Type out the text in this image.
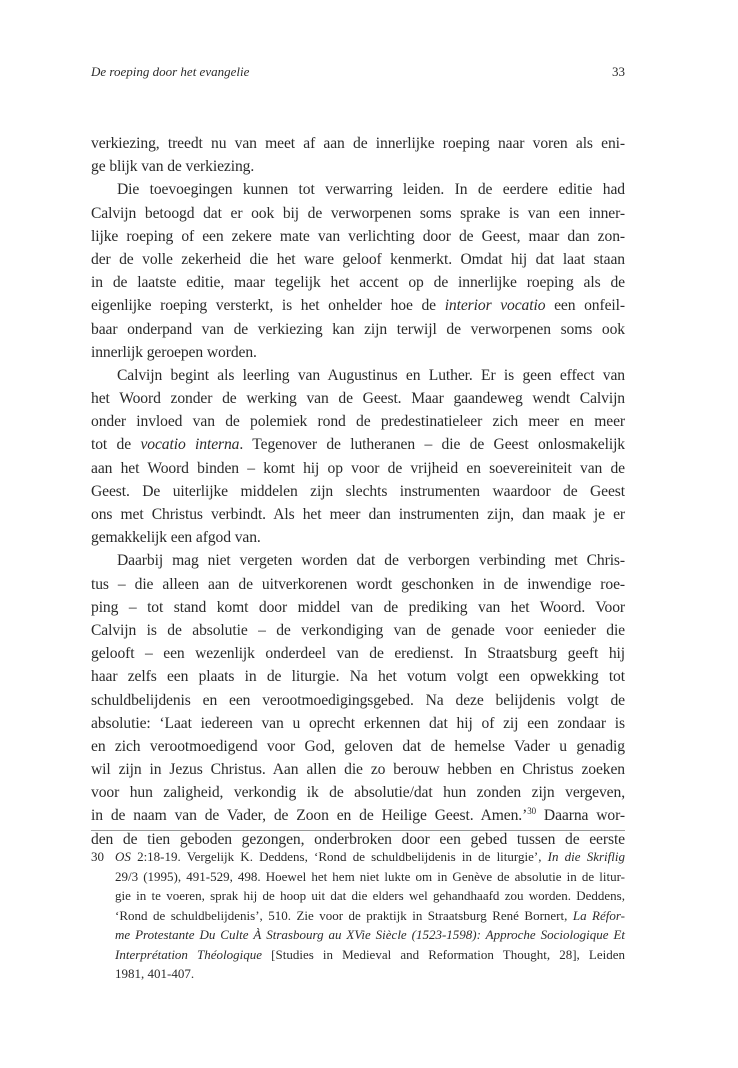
De roeping door het evangelie	33
verkiezing, treedt nu van meet af aan de innerlijke roeping naar voren als eni-
ge blijk van de verkiezing.
Die toevoegingen kunnen tot verwarring leiden. In de eerdere editie had
Calvijn betoogd dat er ook bij de verworpenen soms sprake is van een inner-
lijke roeping of een zekere mate van verlichting door de Geest, maar dan zon-
der de volle zekerheid die het ware geloof kenmerkt. Omdat hij dat laat staan
in de laatste editie, maar tegelijk het accent op de innerlijke roeping als de
eigenlijke roeping versterkt, is het onhelder hoe de interior vocatio een onfeil-
baar onderpand van de verkiezing kan zijn terwijl de verworpenen soms ook
innerlijk geroepen worden.
Calvijn begint als leerling van Augustinus en Luther. Er is geen effect van
het Woord zonder de werking van de Geest. Maar gaandeweg wendt Calvijn
onder invloed van de polemiek rond de predestinatieleer zich meer en meer
tot de vocatio interna. Tegenover de lutheranen – die de Geest onlosmakelijk
aan het Woord binden – komt hij op voor de vrijheid en soevereiniteit van de
Geest. De uiterlijke middelen zijn slechts instrumenten waardoor de Geest
ons met Christus verbindt. Als het meer dan instrumenten zijn, dan maak je er
gemakkelijk een afgod van.
Daarbij mag niet vergeten worden dat de verborgen verbinding met Chris-
tus – die alleen aan de uitverkorenen wordt geschonken in de inwendige roe-
ping – tot stand komt door middel van de prediking van het Woord. Voor
Calvijn is de absolutie – de verkondiging van de genade voor eenieder die
gelooft – een wezenlijk onderdeel van de eredienst. In Straatsburg geeft hij
haar zelfs een plaats in de liturgie. Na het votum volgt een opwekking tot
schuldbelijdenis en een verootmoedigingsgebed. Na deze belijdenis volgt de
absolutie: ‘Laat iedereen van u oprecht erkennen dat hij of zij een zondaar is
en zich verootmoedigend voor God, geloven dat de hemelse Vader u genadig
wil zijn in Jezus Christus. Aan allen die zo berouw hebben en Christus zoeken
voor hun zaligheid, verkondig ik de absolutie/dat hun zonden zijn vergeven,
in de naam van de Vader, de Zoon en de Heilige Geest. Amen.’$^{30}$ Daarna wor-
den de tien geboden gezongen, onderbroken door een gebed tussen de eerste
30 OS 2:18-19. Vergelijk K. Deddens, ‘Rond de schuldbelijdenis in de liturgie’, In die Skriflig
29/3 (1995), 491-529, 498. Hoewel het hem niet lukte om in Genève de absolutie in de litur-
gie in te voeren, sprak hij de hoop uit dat die elders wel gehandhaafd zou worden. Deddens,
‘Rond de schuldbelijdenis’, 510. Zie voor de praktijk in Straatsburg René Bornert, La Réfor-
me Protestante Du Culte À Strasbourg au XVie Siècle (1523-1598): Approche Sociologique Et
Interprétation Théologique [Studies in Medieval and Reformation Thought, 28], Leiden
1981, 401-407.
